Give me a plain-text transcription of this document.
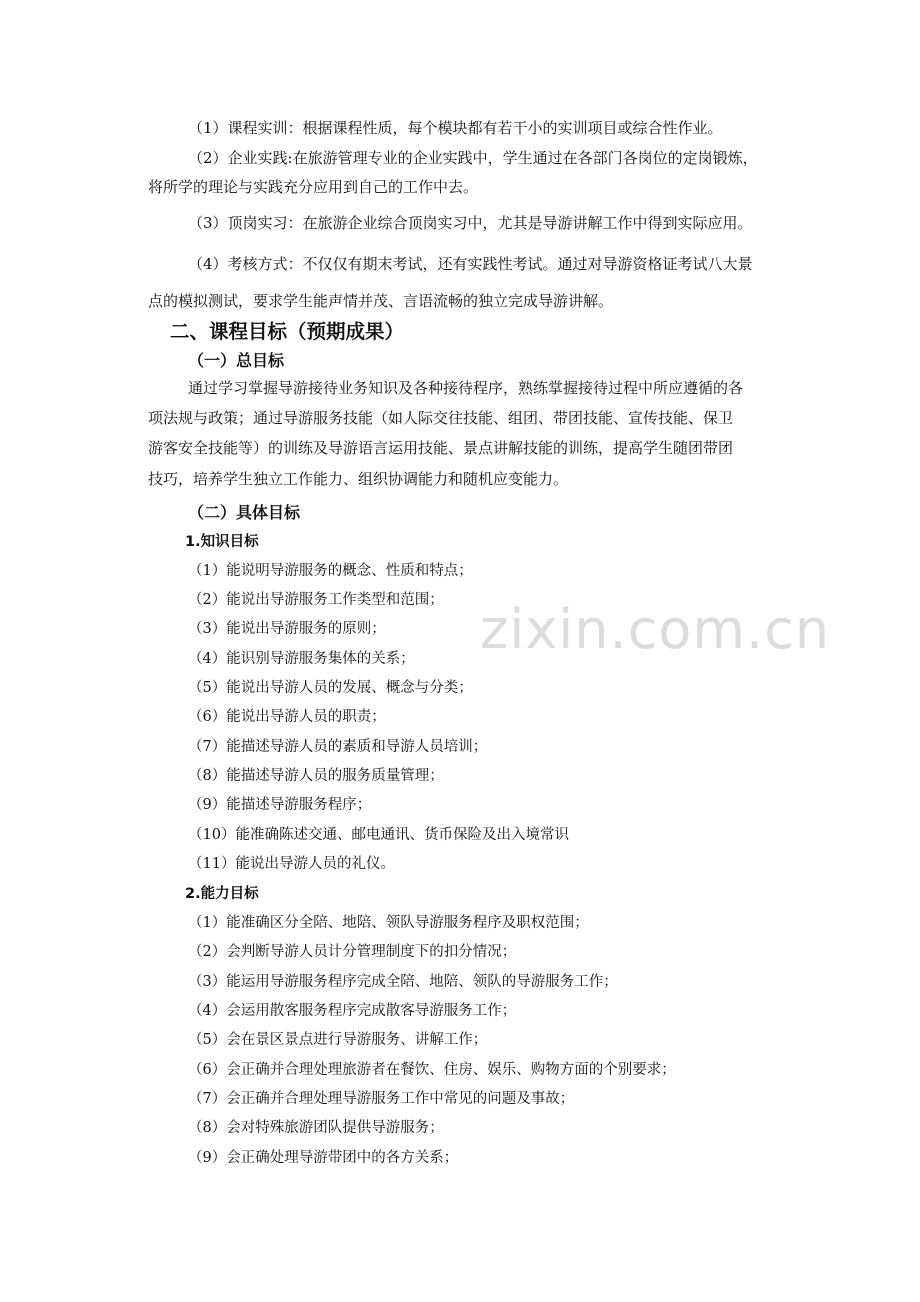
（1）课程实训：根据课程性质，每个模块都有若干小的实训项目或综合性作业。
（2）企业实践:在旅游管理专业的企业实践中，学生通过在各部门各岗位的定岗锻炼，
将所学的理论与实践充分应用到自己的工作中去。
（3）顶岗实习：在旅游企业综合顶岗实习中，尤其是导游讲解工作中得到实际应用。
（4）考核方式：不仅仅有期末考试，还有实践性考试。通过对导游资格证考试八大景
点的模拟测试，要求学生能声情并茂、言语流畅的独立完成导游讲解。
二、课程目标（预期成果）
（一）总目标
通过学习掌握导游接待业务知识及各种接待程序，熟练掌握接待过程中所应遵循的各
项法规与政策；通过导游服务技能（如人际交往技能、组团、带团技能、宣传技能、保卫
游客安全技能等）的训练及导游语言运用技能、景点讲解技能的训练，提高学生随团带团
技巧，培养学生独立工作能力、组织协调能力和随机应变能力。
（二）具体目标
1.知识目标
（1）能说明导游服务的概念、性质和特点；
（2）能说出导游服务工作类型和范围；
（3）能说出导游服务的原则；
（4）能识别导游服务集体的关系；
（5）能说出导游人员的发展、概念与分类；
（6）能说出导游人员的职责；
（7）能描述导游人员的素质和导游人员培训；
（8）能描述导游人员的服务质量管理；
（9）能描述导游服务程序；
（10）能准确陈述交通、邮电通讯、货币保险及出入境常识
（11）能说出导游人员的礼仪。
2.能力目标
（1）能准确区分全陪、地陪、领队导游服务程序及职权范围；
（2）会判断导游人员计分管理制度下的扣分情况；
（3）能运用导游服务程序完成全陪、地陪、领队的导游服务工作；
（4）会运用散客服务程序完成散客导游服务工作；
（5）会在景区景点进行导游服务、讲解工作；
（6）会正确并合理处理旅游者在餐饮、住房、娱乐、购物方面的个别要求；
（7）会正确并合理处理导游服务工作中常见的问题及事故；
（8）会对特殊旅游团队提供导游服务；
（9）会正确处理导游带团中的各方关系；
zixin.com.cn
